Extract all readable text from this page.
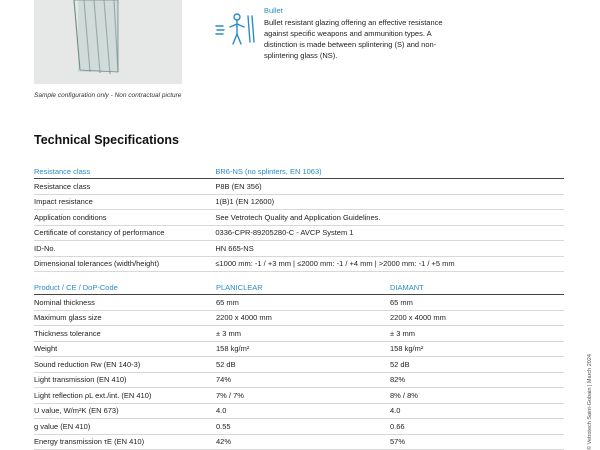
Sample configuration only - Non contractual picture
Bullet
Bullet resistant glazing offering an effective resistance against specific weapons and ammunition types. A distinction is made between splintering (S) and non-splintering glass (NS).
Technical Specifications
Resistance class	BR6-NS (no splinters, EN 1063)
Resistance class	P8B (EN 356)
Impact resistance	1(B)1 (EN 12600)
Application conditions	See Vetrotech Quality and Application Guidelines.
Certificate of constancy of performance	0336-CPR-89205280-C - AVCP System 1
ID-No.	HN 665-NS
Dimensional tolerances (width/height)	≤1000 mm: -1 / +3 mm | ≤2000 mm: -1 / +4 mm | >2000 mm: -1 / +5 mm
Product / CE / DoP-Code	PLANICLEAR	DIAMANT
Nominal thickness	65 mm	65 mm
Maximum glass size	2200 x 4000 mm	2200 x 4000 mm
Thickness tolerance	± 3 mm	± 3 mm
Weight	158 kg/m²	158 kg/m²
Sound reduction Rw (EN 140-3)	52 dB	52 dB
Light transmission (EN 410)	74%	82%
Light reflection ρL ext./int. (EN 410)	7% / 7%	8% / 8%
U value, W/m²K (EN 673)	4.0	4.0
g value (EN 410)	0.55	0.66
Energy transmission τE (EN 410)	42%	57%	© Vetrotech Saint-Gobain | March 2024
